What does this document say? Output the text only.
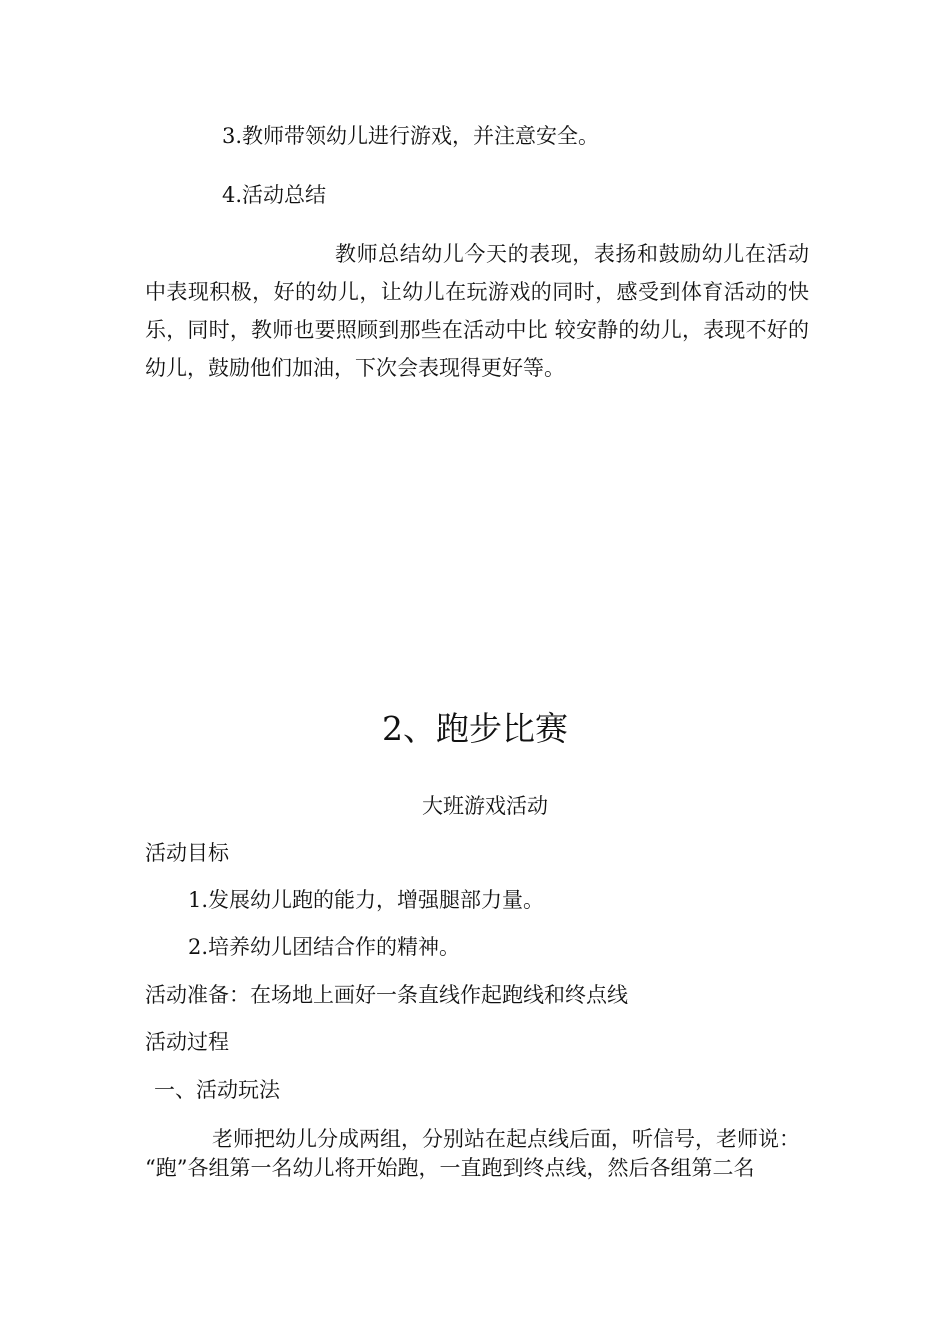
3.教师带领幼儿进行游戏，并注意安全。
4.活动总结

教师总结幼儿今天的表现，表扬和鼓励幼儿在活动中表现积极，好的幼儿，让幼儿在玩游戏的同时，感受到体育活动的快乐，同时，教师也要照顾到那些在活动中比 较安静的幼儿，表现不好的幼儿，鼓励他们加油，下次会表现得更好等。

2、跑步比赛
大班游戏活动
活动目标
1.发展幼儿跑的能力，增强腿部力量。
2.培养幼儿团结合作的精神。
活动准备：在场地上画好一条直线作起跑线和终点线
活动过程
一、活动玩法
老师把幼儿分成两组，分别站在起点线后面，听信号，老师说：
“跑”各组第一名幼儿将开始跑，一直跑到终点线，然后各组第二名
